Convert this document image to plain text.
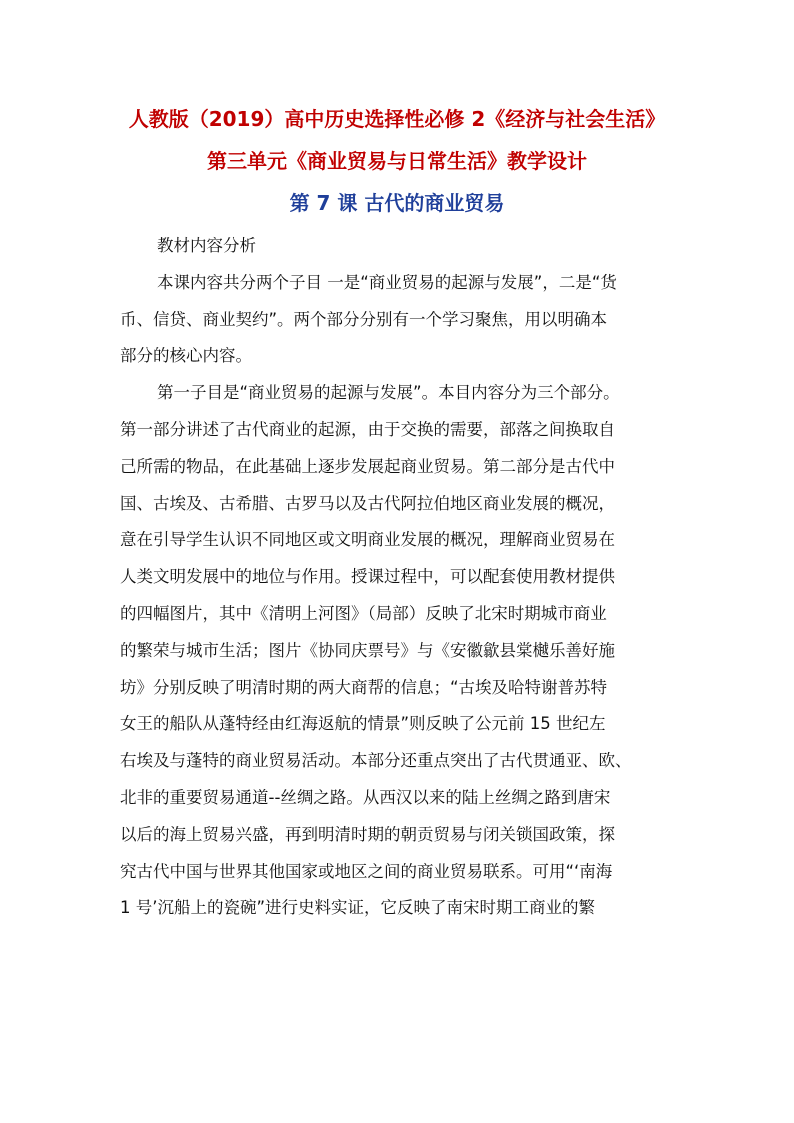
人教版（2019）高中历史选择性必修 2《经济与社会生活》
第三单元《商业贸易与日常生活》教学设计
第 7 课 古代的商业贸易
教材内容分析
本课内容共分两个子目 一是“商业贸易的起源与发展”，二是“货
币、信贷、商业契约”。两个部分分别有一个学习聚焦，用以明确本
部分的核心内容。
第一子目是“商业贸易的起源与发展”。本目内容分为三个部分。
第一部分讲述了古代商业的起源，由于交换的需要，部落之间换取自
己所需的物品，在此基础上逐步发展起商业贸易。第二部分是古代中
国、古埃及、古希腊、古罗马以及古代阿拉伯地区商业发展的概况，
意在引导学生认识不同地区或文明商业发展的概况，理解商业贸易在
人类文明发展中的地位与作用。授课过程中，可以配套使用教材提供
的四幅图片，其中《清明上河图》（局部）反映了北宋时期城市商业
的繁荣与城市生活；图片《协同庆票号》与《安徽歙县棠樾乐善好施
坊》分别反映了明清时期的两大商帮的信息；“古埃及哈特谢普苏特
女王的船队从蓬特经由红海返航的情景”则反映了公元前 15 世纪左
右埃及与蓬特的商业贸易活动。本部分还重点突出了古代贯通亚、欧、
北非的重要贸易通道--丝绸之路。从西汉以来的陆上丝绸之路到唐宋
以后的海上贸易兴盛，再到明清时期的朝贡贸易与闭关锁国政策，探
究古代中国与世界其他国家或地区之间的商业贸易联系。可用“‘南海
1 号’沉船上的瓷碗”进行史料实证，它反映了南宋时期工商业的繁
